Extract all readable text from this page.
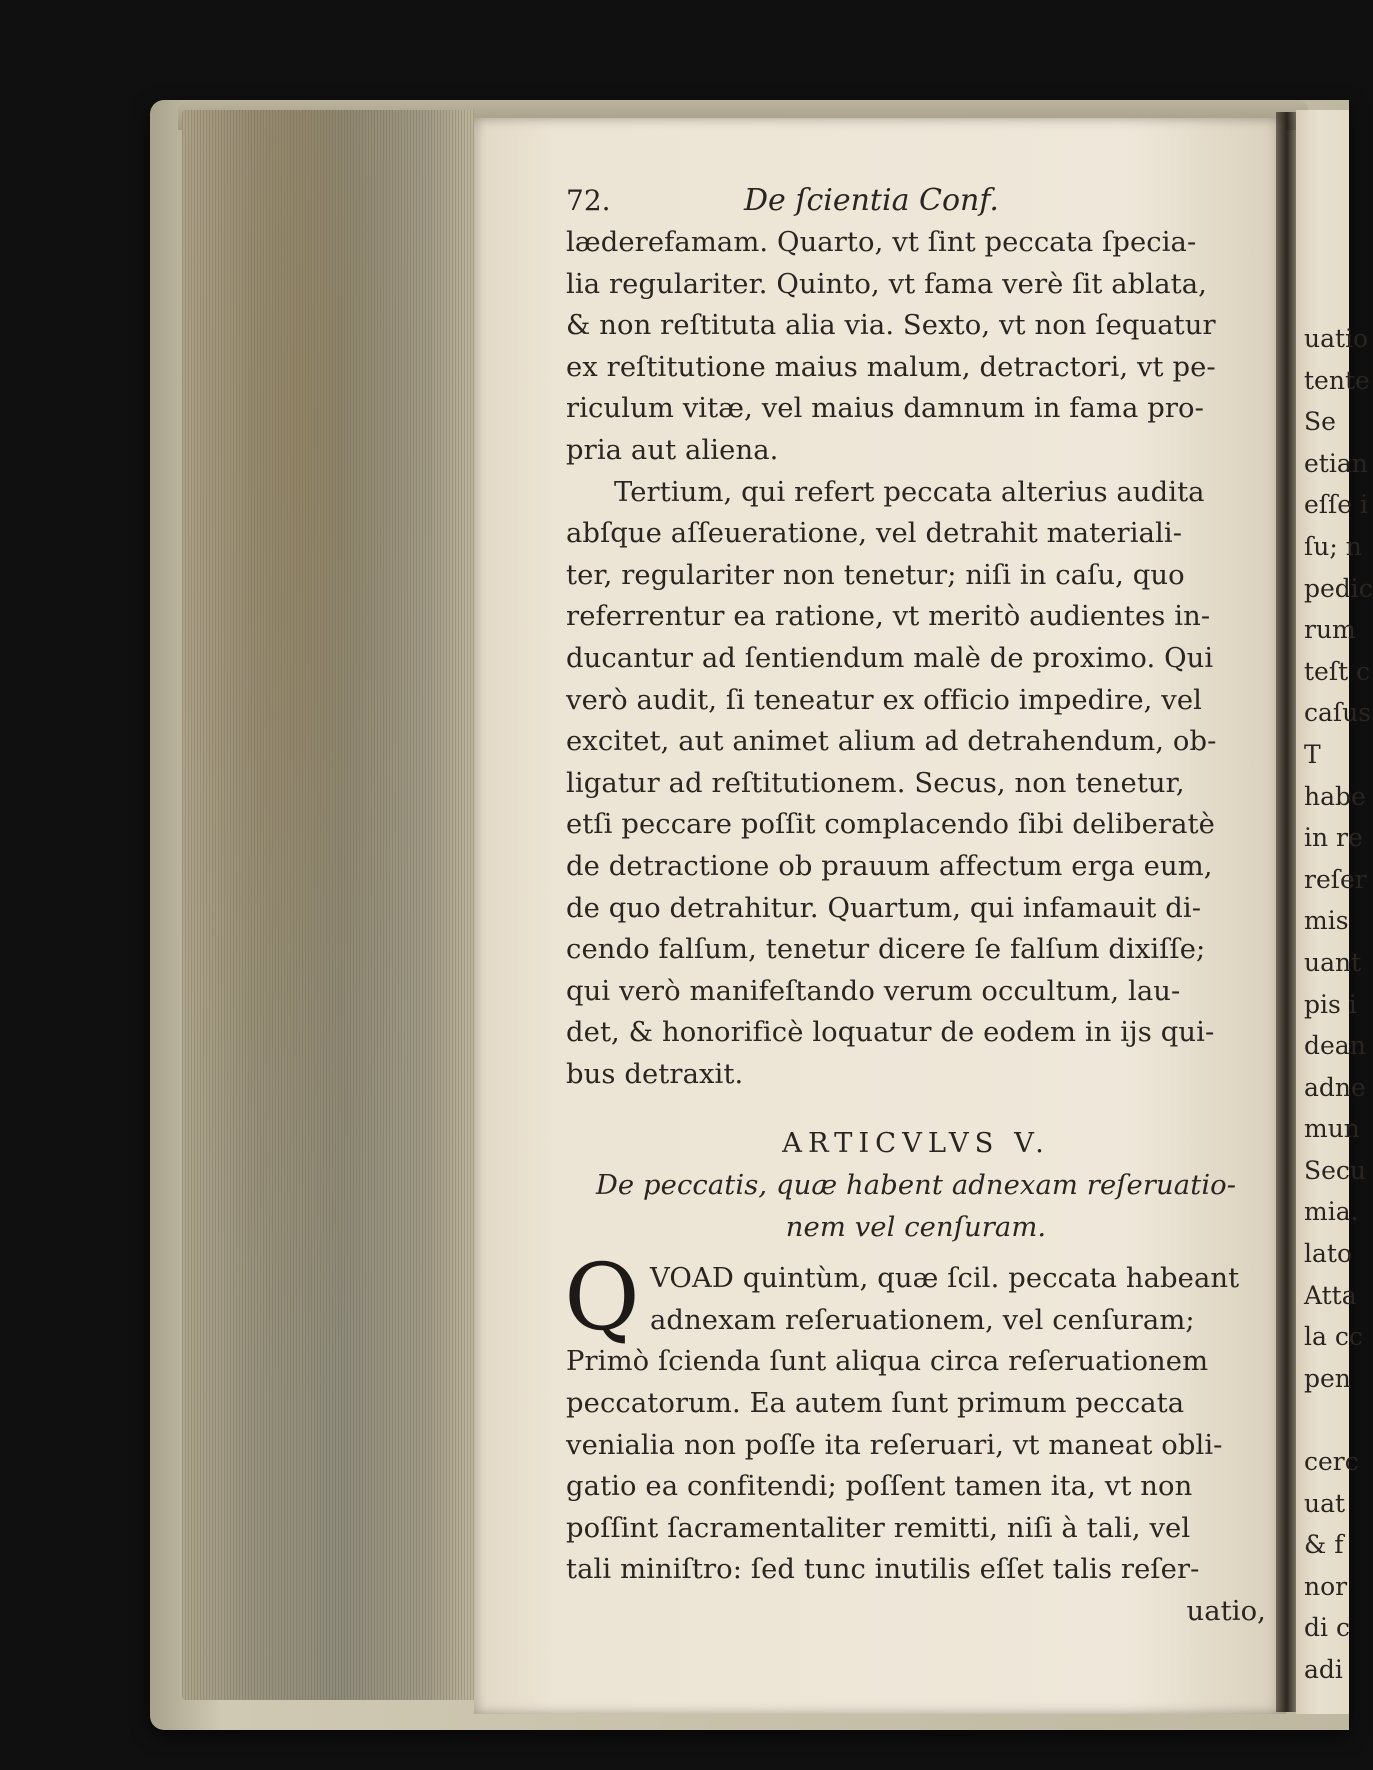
uatio
tente
Se
etian
eſſe i
ſu; n
pedic
rum
teſt c
caſus
T
habe
in re
reſer
mis
uant
pis i
dean
adne
mun
Secu
mia.
lato
Atta
la cc
pen
cerc
uat
& f
nor
di c
adi
72.	De ſcientia Conf.
læderefamam. Quarto, vt ſint peccata ſpecia-
lia regulariter. Quinto, vt fama verè ſit ablata,
& non reſtituta alia via. Sexto, vt non ſequatur
ex reſtitutione maius malum, detractori, vt pe-
riculum vitæ, vel maius damnum in fama pro-
pria aut aliena.
Tertium, qui refert peccata alterius audita
abſque aſſeueratione, vel detrahit materiali-
ter, regulariter non tenetur; niſi in caſu, quo
referrentur ea ratione, vt meritò audientes in-
ducantur ad ſentiendum malè de proximo. Qui
verò audit, ſi teneatur ex officio impedire, vel
excitet, aut animet alium ad detrahendum, ob-
ligatur ad reſtitutionem. Secus, non tenetur,
etſi peccare poſſit complacendo ſibi deliberatè
de detractione ob prauum affectum erga eum,
de quo detrahitur. Quartum, qui infamauit di-
cendo falſum, tenetur dicere ſe falſum dixiſſe;
qui verò manifeſtando verum occultum, lau-
det, & honorificè loquatur de eodem in ijs qui-
bus detraxit.
ARTICVLVS V.
De peccatis, quæ habent adnexam reſeruatio-
nem vel cenſuram.
Q VOAD quintùm, quæ ſcil. peccata habeant
adnexam reſeruationem, vel cenſuram;
Primò ſcienda ſunt aliqua circa reſeruationem
peccatorum. Ea autem ſunt primum peccata
venialia non poſſe ita reſeruari, vt maneat obli-
gatio ea confitendi; poſſent tamen ita, vt non
poſſint ſacramentaliter remitti, niſi à tali, vel
tali miniſtro: ſed tunc inutilis eſſet talis reſer-
uatio,
